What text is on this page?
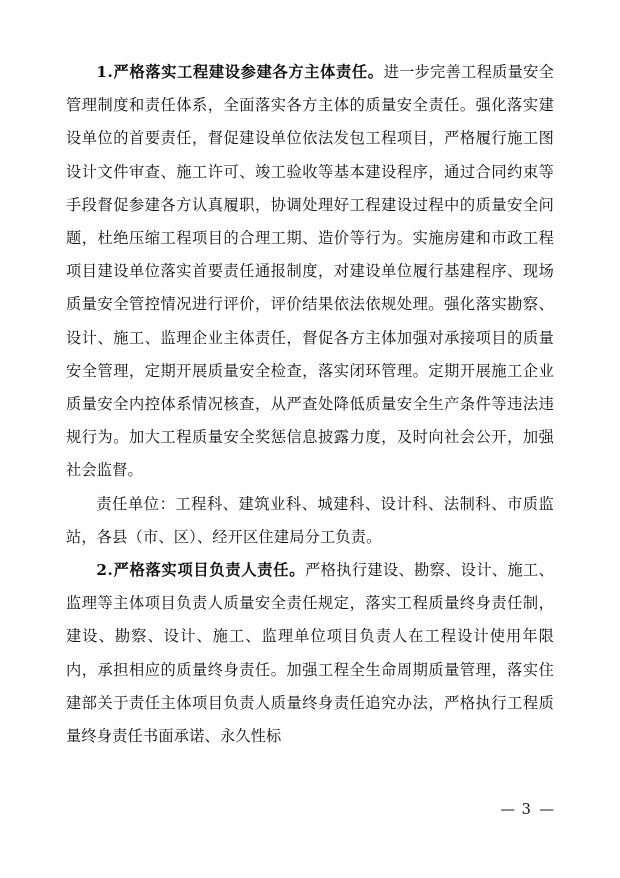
1.严格落实工程建设参建各方主体责任。进一步完善工程质量安全管理制度和责任体系，全面落实各方主体的质量安全责任。强化落实建设单位的首要责任，督促建设单位依法发包工程项目，严格履行施工图设计文件审查、施工许可、竣工验收等基本建设程序，通过合同约束等手段督促参建各方认真履职，协调处理好工程建设过程中的质量安全问题，杜绝压缩工程项目的合理工期、造价等行为。实施房建和市政工程项目建设单位落实首要责任通报制度，对建设单位履行基建程序、现场质量安全管控情况进行评价，评价结果依法依规处理。强化落实勘察、设计、施工、监理企业主体责任，督促各方主体加强对承接项目的质量安全管理，定期开展质量安全检查，落实闭环管理。定期开展施工企业质量安全内控体系情况核查，从严查处降低质量安全生产条件等违法违规行为。加大工程质量安全奖惩信息披露力度，及时向社会公开，加强社会监督。

责任单位：工程科、建筑业科、城建科、设计科、法制科、市质监站，各县（市、区）、经开区住建局分工负责。

2.严格落实项目负责人责任。严格执行建设、勘察、设计、施工、监理等主体项目负责人质量安全责任规定，落实工程质量终身责任制，建设、勘察、设计、施工、监理单位项目负责人在工程设计使用年限内，承担相应的质量终身责任。加强工程全生命周期质量管理，落实住建部关于责任主体项目负责人质量终身责任追究办法，严格执行工程质量终身责任书面承诺、永久性标

— 3 —
